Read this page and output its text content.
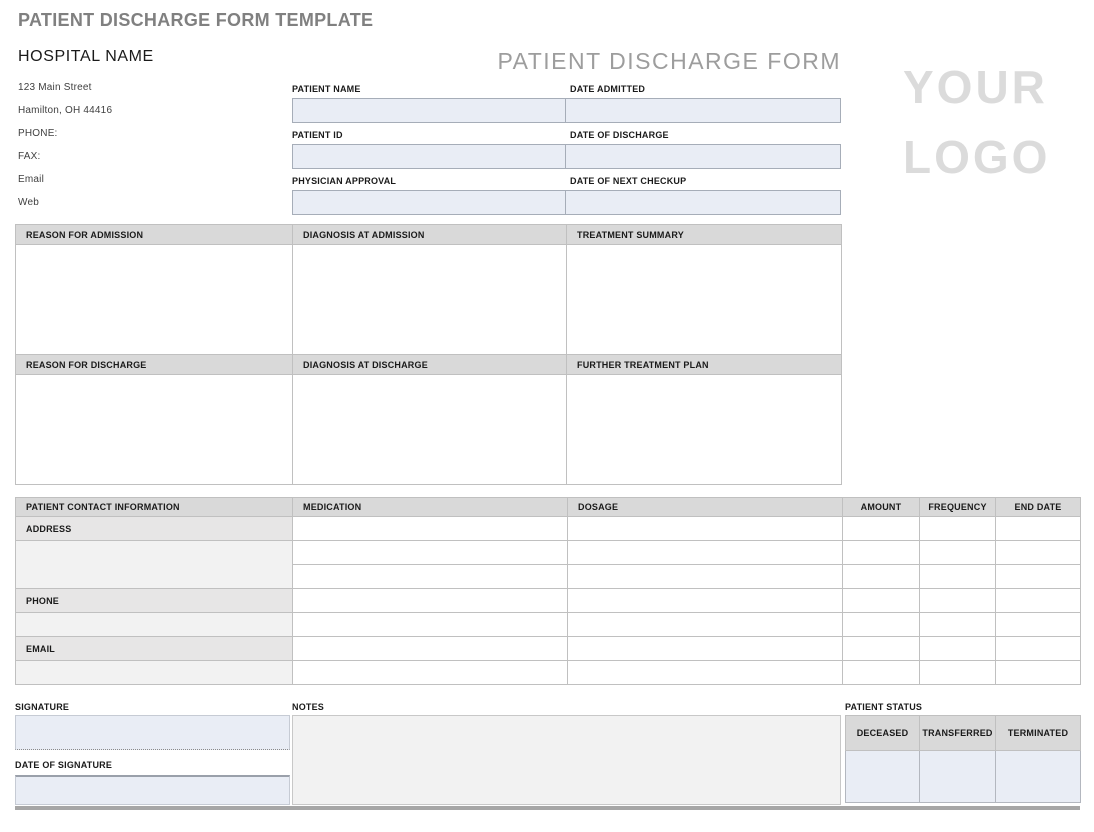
PATIENT DISCHARGE FORM TEMPLATE
HOSPITAL NAME
123 Main Street
Hamilton, OH 44416
PHONE:
FAX:
Email
Web
PATIENT DISCHARGE FORM YOUR
LOGO
PATIENT NAME	DATE ADMITTED
PATIENT ID	DATE OF DISCHARGE
PHYSICIAN APPROVAL	DATE OF NEXT CHECKUP
REASON FOR ADMISSION	DIAGNOSIS AT ADMISSION	TREATMENT SUMMARY

REASON FOR DISCHARGE	DIAGNOSIS AT DISCHARGE	FURTHER TREATMENT PLAN

PATIENT CONTACT INFORMATION	MEDICATION	DOSAGE	AMOUNT	FREQUENCY	END DATE
ADDRESS					

PHONE					

EMAIL					

SIGNATURE
DATE OF SIGNATURE
NOTES	PATIENT STATUS
DECEASED	TRANSFERRED	TERMINATED
